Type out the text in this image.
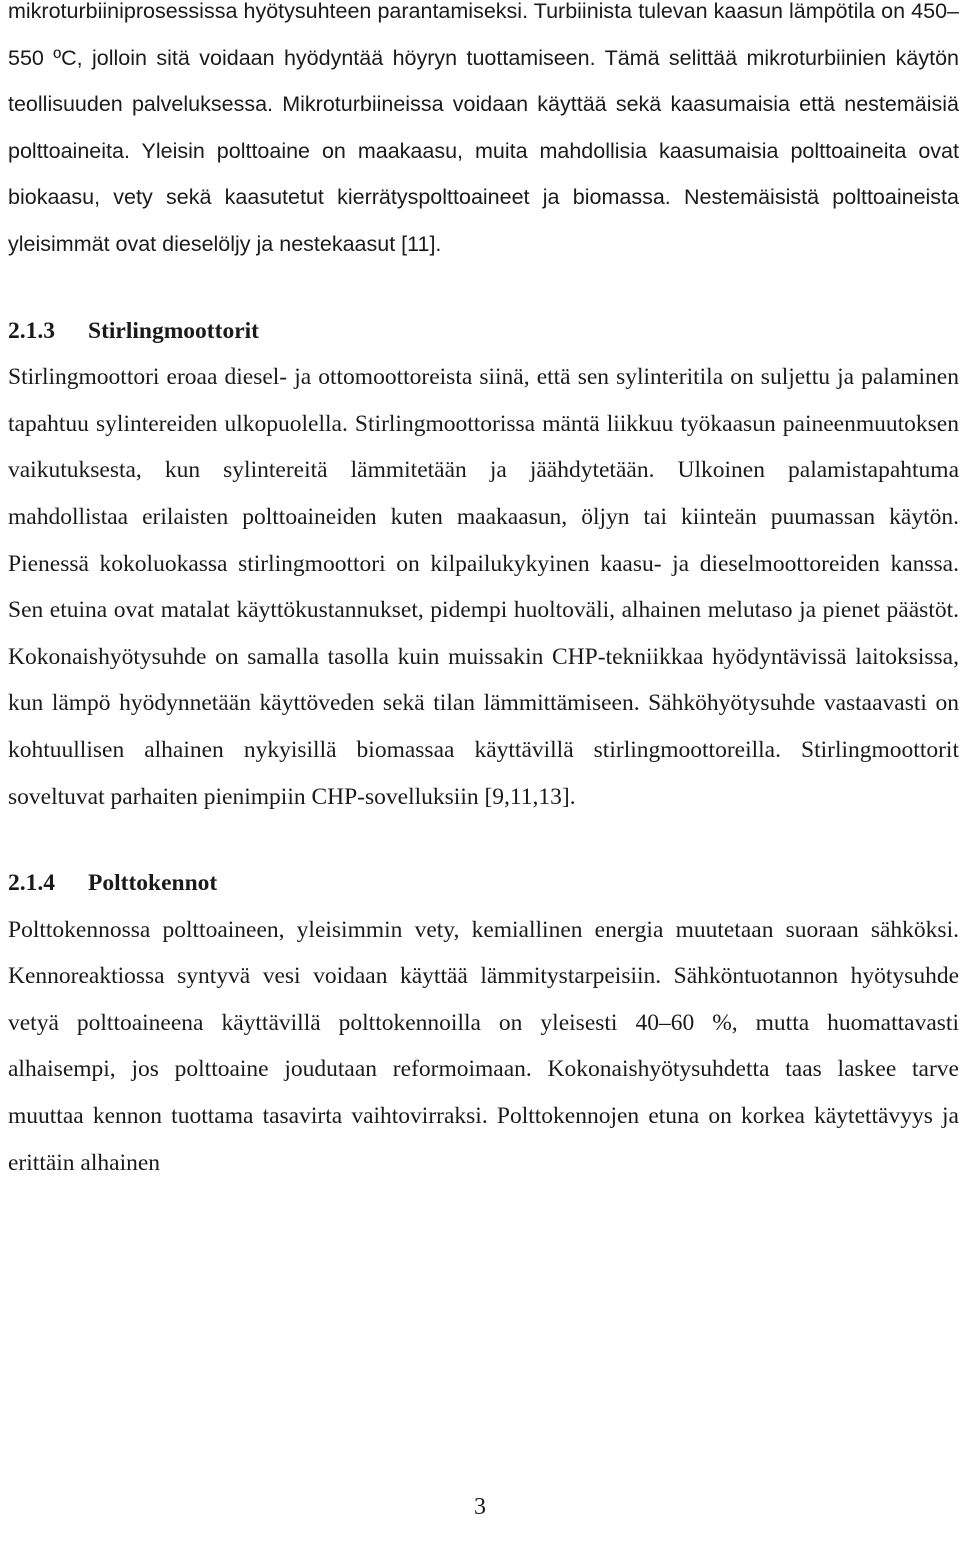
mikroturbiiniprosessissa hyötysuhteen parantamiseksi. Turbiinista tulevan kaasun lämpötila on 450–550 ºC, jolloin sitä voidaan hyödyntää höyryn tuottamiseen. Tämä selittää mikroturbiinien käytön teollisuuden palveluksessa. Mikroturbiineissa voidaan käyttää sekä kaasumaisia että nestemäisiä polttoaineita. Yleisin polttoaine on maakaasu, muita mahdollisia kaasumaisia polttoaineita ovat biokaasu, vety sekä kaasutetut kierrätyspolttoaineet ja biomassa. Nestemäisistä polttoaineista yleisimmät ovat dieselöljy ja nestekaasut [11].

2.1.3	Stirlingmoottorit

Stirlingmoottori eroaa diesel- ja ottomoottoreista siinä, että sen sylinteritila on suljettu ja palaminen tapahtuu sylintereiden ulkopuolella. Stirlingmoottorissa mäntä liikkuu työkaasun paineenmuutoksen vaikutuksesta, kun sylintereitä lämmitetään ja jäähdytetään. Ulkoinen palamistapahtuma mahdollistaa erilaisten polttoaineiden kuten maakaasun, öljyn tai kiinteän puumassan käytön. Pienessä kokoluokassa stirlingmoottori on kilpailukykyinen kaasu- ja dieselmoottoreiden kanssa. Sen etuina ovat matalat käyttökustannukset, pidempi huoltoväli, alhainen melutaso ja pienet päästöt. Kokonaishyötysuhde on samalla tasolla kuin muissakin CHP-tekniikkaa hyödyntävissä laitoksissa, kun lämpö hyödynnetään käyttöveden sekä tilan lämmittämiseen. Sähköhyötysuhde vastaavasti on kohtuullisen alhainen nykyisillä biomassaa käyttävillä stirlingmoottoreilla. Stirlingmoottorit soveltuvat parhaiten pienimpiin CHP-sovelluksiin [9,11,13].

2.1.4	Polttokennot

Polttokennossa polttoaineen, yleisimmin vety, kemiallinen energia muutetaan suoraan sähköksi. Kennoreaktiossa syntyvä vesi voidaan käyttää lämmitystarpeisiin. Sähköntuotannon hyötysuhde vetyä polttoaineena käyttävillä polttokennoilla on yleisesti 40–60 %, mutta huomattavasti alhaisempi, jos polttoaine joudutaan reformoimaan. Kokonaishyötysuhdetta taas laskee tarve muuttaa kennon tuottama tasavirta vaihtovirraksi. Polttokennojen etuna on korkea käytettävyys ja erittäin alhainen

3
